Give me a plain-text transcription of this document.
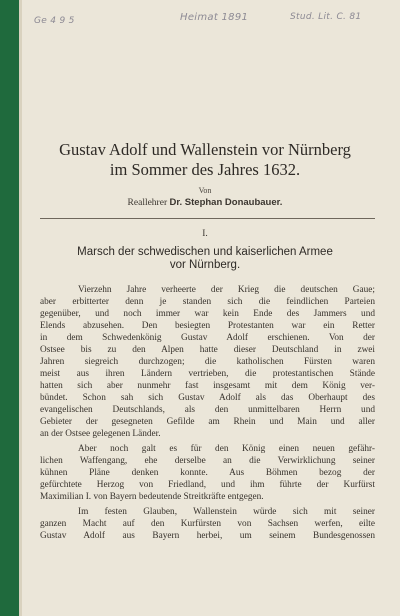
Ge 4 9 5	Heimat 1891	Stud. Lit. C. 81
Gustav Adolf und Wallenstein vor Nürnberg
im Sommer des Jahres 1632.
Von
Reallehrer Dr. Stephan Donaubauer.
I.
Marsch der schwedischen und kaiserlichen Armee
vor Nürnberg.
Vierzehn Jahre verheerte der Krieg die deutschen Gaue;
aber erbitterter denn je standen sich die feindlichen Parteien
gegenüber, und noch immer war kein Ende des Jammers und
Elends abzusehen. Den besiegten Protestanten war ein Retter
in dem Schwedenkönig Gustav Adolf erschienen. Von der
Ostsee bis zu den Alpen hatte dieser Deutschland in zwei
Jahren siegreich durchzogen; die katholischen Fürsten waren
meist aus ihren Ländern vertrieben, die protestantischen Stände
hatten sich aber nunmehr fast insgesamt mit dem König ver-
bündet. Schon sah sich Gustav Adolf als das Oberhaupt des
evangelischen Deutschlands, als den unmittelbaren Herrn und
Gebieter der gesegneten Gefilde am Rhein und Main und aller
an der Ostsee gelegenen Länder.
Aber noch galt es für den König einen neuen gefähr-
lichen Waffengang, ehe derselbe an die Verwirklichung seiner
kühnen Pläne denken konnte. Aus Böhmen bezog der
gefürchtete Herzog von Friedland, und ihm führte der Kurfürst
Maximilian I. von Bayern bedeutende Streitkräfte entgegen.
Im festen Glauben, Wallenstein würde sich mit seiner
ganzen Macht auf den Kurfürsten von Sachsen werfen, eilte
Gustav Adolf aus Bayern herbei, um seinem Bundesgenossen
